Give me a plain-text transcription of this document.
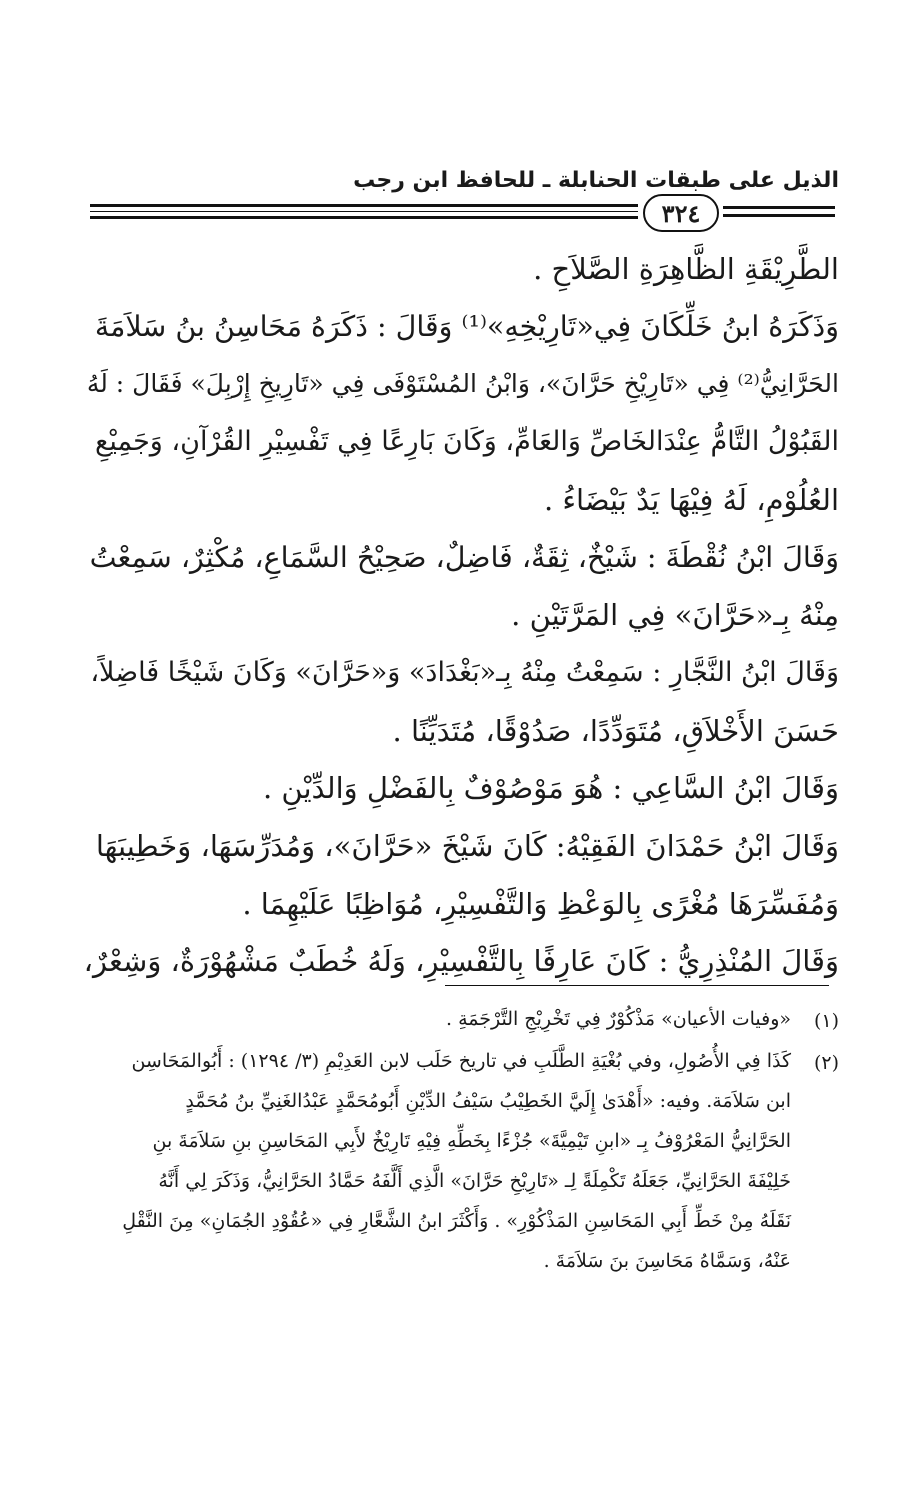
الذيل على طبقات الحنابلة ـ للحافظ ابن رجب
٣٢٤
الطَّرِيْقَةِ الظَّاهِرَةِ الصَّلاَحِ .
وَذَكَرَهُ ابنُ خَلِّكَانَ فِي«تَارِيْخِهِ»⁽¹⁾ وَقَالَ : ذَكَرَهُ مَحَاسِنُ بنُ سَلاَمَةَ
الحَرَّانِيُّ⁽²⁾ فِي «تَارِيْخِ حَرَّانَ»، وَابْنُ المُسْتَوْفَى فِي «تَارِيخِ إِرْبِلَ» فَقَالَ : لَهُ
القَبُوْلُ التَّامُّ عِنْدَالخَاصِّ وَالعَامِّ، وَكَانَ بَارِعًا فِي تَفْسِيْرِ القُرْآنِ، وَجَمِيْعِ
العُلُوْمِ، لَهُ فِيْهَا يَدٌ بَيْضَاءُ .
وَقَالَ ابْنُ نُقْطَةَ : شَيْخٌ، ثِقَةٌ، فَاضِلٌ، صَحِيْحُ السَّمَاعِ، مُكْثِرٌ، سَمِعْتُ
مِنْهُ بِـ«حَرَّانَ» فِي المَرَّتَيْنِ .
وَقَالَ ابْنُ النَّجَّارِ : سَمِعْتُ مِنْهُ بِـ«بَغْدَادَ» وَ«حَرَّانَ» وَكَانَ شَيْخًا فَاضِلاً،
حَسَنَ الأَخْلاَقِ، مُتَوَدِّدًا، صَدُوْقًا، مُتَدَيِّنًا .
وَقَالَ ابْنُ السَّاعِي : هُوَ مَوْصُوْفٌ بِالفَضْلِ وَالدِّيْنِ .
وَقَالَ ابْنُ حَمْدَانَ الفَقِيْهُ: كَانَ شَيْخَ «حَرَّانَ»، وَمُدَرِّسَهَا، وَخَطِيبَهَا
وَمُفَسِّرَهَا مُغْرًى بِالوَعْظِ وَالتَّفْسِيْرِ، مُوَاظِبًا عَلَيْهِمَا .
وَقَالَ المُنْذِرِيُّ : كَانَ عَارِفًا بِالتَّفْسِيْرِ، وَلَهُ خُطَبٌ مَشْهُوْرَةٌ، وَشِعْرٌ،
(١)
«وفيات الأعيان» مَذْكُوْرٌ فِي تَخْرِيْجِ التَّرْجَمَةِ .
(٢)
كَذَا فِي الأُصُولِ، وفي بُغْيَةِ الطَّلَبِ في تاريخ حَلَب لابن العَدِيْمِ (٣/ ١٢٩٤) : أَبُوالمَحَاسِن
ابن سَلاَمَة. وفيه: «أَهْدَىٰ إِلَيَّ الخَطِيْبُ سَيْفُ الدِّيْنِ أَبُومُحَمَّدٍ عَبْدُالغَنِيِّ بنُ مُحَمَّدٍ
الحَرَّانِيُّ المَعْرُوْفُ بِـ «ابنِ تَيْمِيَّةَ» جُزْءًا بِخَطِّهِ فِيْهِ تَارِيْخٌ لأَبِي المَحَاسِنِ بنِ سَلاَمَةَ بنِ
خَلِيْفَةَ الحَرَّانِيِّ، جَعَلَهُ تَكْمِلَةً لِـ «تَارِيْخِ حَرَّانَ» الَّذِي أَلَّفَهُ حَمَّادُ الحَرَّانِيُّ، وَذَكَرَ لِي أَنَّهُ
نَقَلَهُ مِنْ خَطِّ أَبِي المَحَاسِنِ المَذْكُوْرِ» . وَأَكْثَرَ ابنُ الشَّعَّارِ فِي «عُقُوْدِ الجُمَانِ» مِنَ النَّقْلِ
عَنْهُ، وَسَمَّاهُ مَحَاسِنَ بنَ سَلاَمَةَ .
